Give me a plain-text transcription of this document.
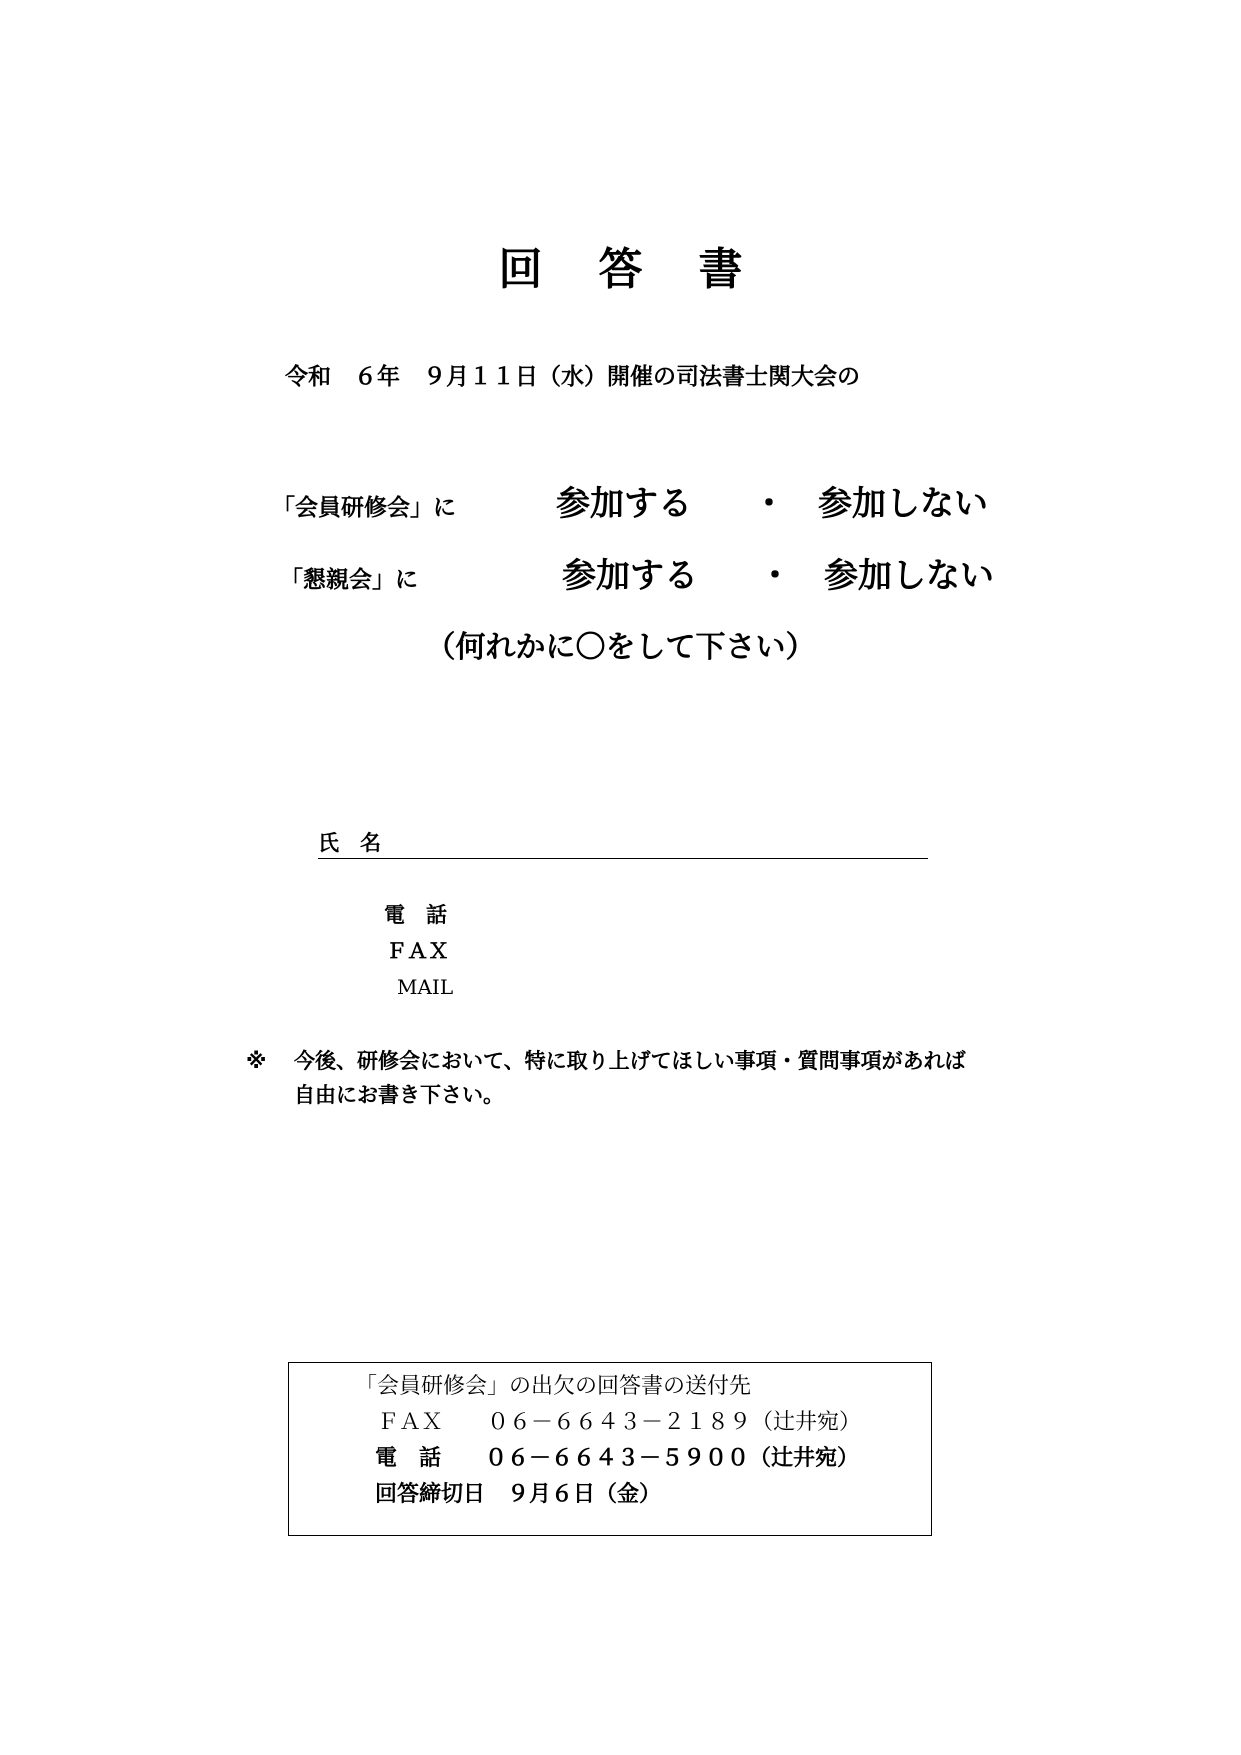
回 答 書
令和　６年　９月１１日（水）開催の司法書士関大会の
「会員研修会」に	参加する ・ 参加しない
「懇親会」に	参加する ・ 参加しない
（何れかに〇をして下さい）
氏　名
電　話
ＦＡＸ
MAIL
※ 今後、研修会において、特に取り上げてほしい事項・質問事項があれば
自由にお書き下さい。
「会員研修会」の出欠の回答書の送付先
ＦＡＸ　　０６－６６４３－２１８９（辻井宛）
電　話　　０６－６６４３－５９００（辻井宛）
回答締切日　９月６日（金）
